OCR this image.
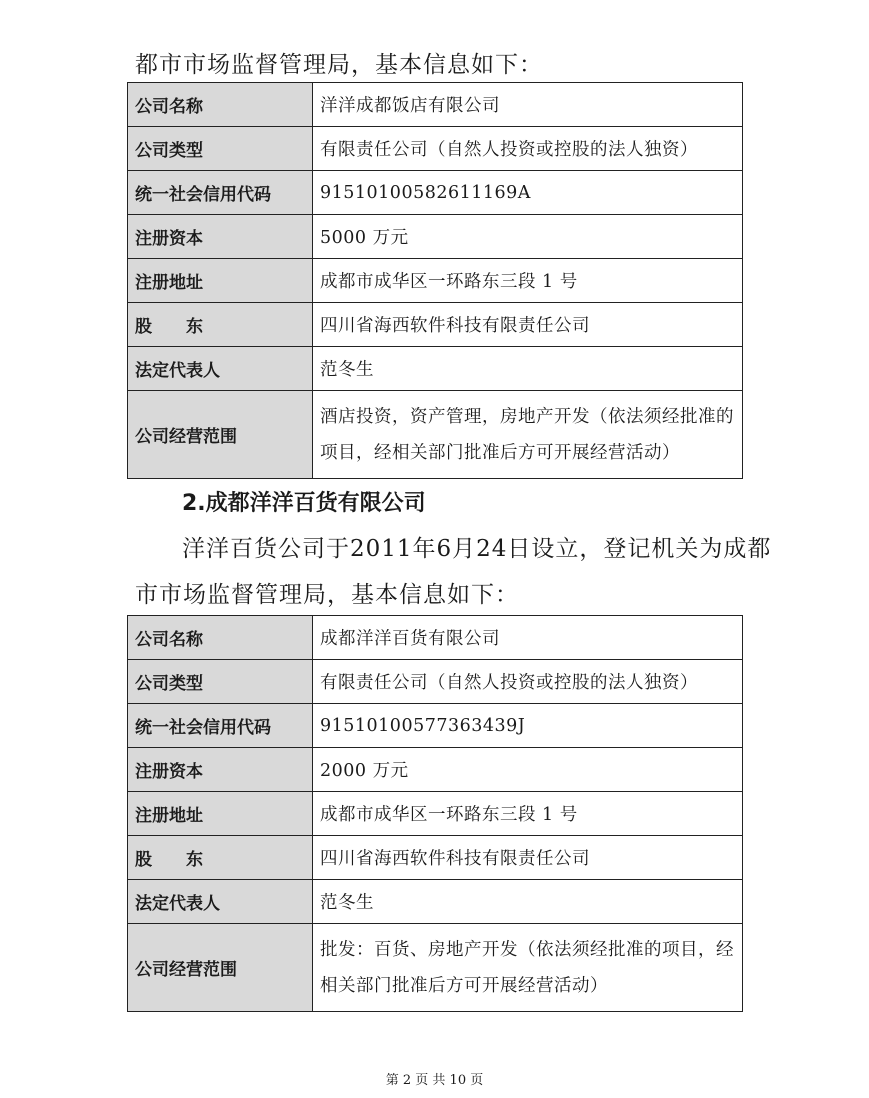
都市市场监督管理局，基本信息如下：
公司名称	洋洋成都饭店有限公司
公司类型	有限责任公司（自然人投资或控股的法人独资）
统一社会信用代码	91510100582611169A
注册资本	5000 万元
注册地址	成都市成华区一环路东三段 1 号
股　　东	四川省海西软件科技有限责任公司
法定代表人	范冬生
公司经营范围	酒店投资，资产管理，房地产开发（依法须经批准的项目，经相关部门批准后方可开展经营活动）
2.成都洋洋百货有限公司
洋洋百货公司于2011年6月24日设立，登记机关为成都
市市场监督管理局，基本信息如下：
公司名称	成都洋洋百货有限公司
公司类型	有限责任公司（自然人投资或控股的法人独资）
统一社会信用代码	91510100577363439J
注册资本	2000 万元
注册地址	成都市成华区一环路东三段 1 号
股　　东	四川省海西软件科技有限责任公司
法定代表人	范冬生
公司经营范围	批发：百货、房地产开发（依法须经批准的项目，经相关部门批准后方可开展经营活动）
第 2 页 共 10 页
